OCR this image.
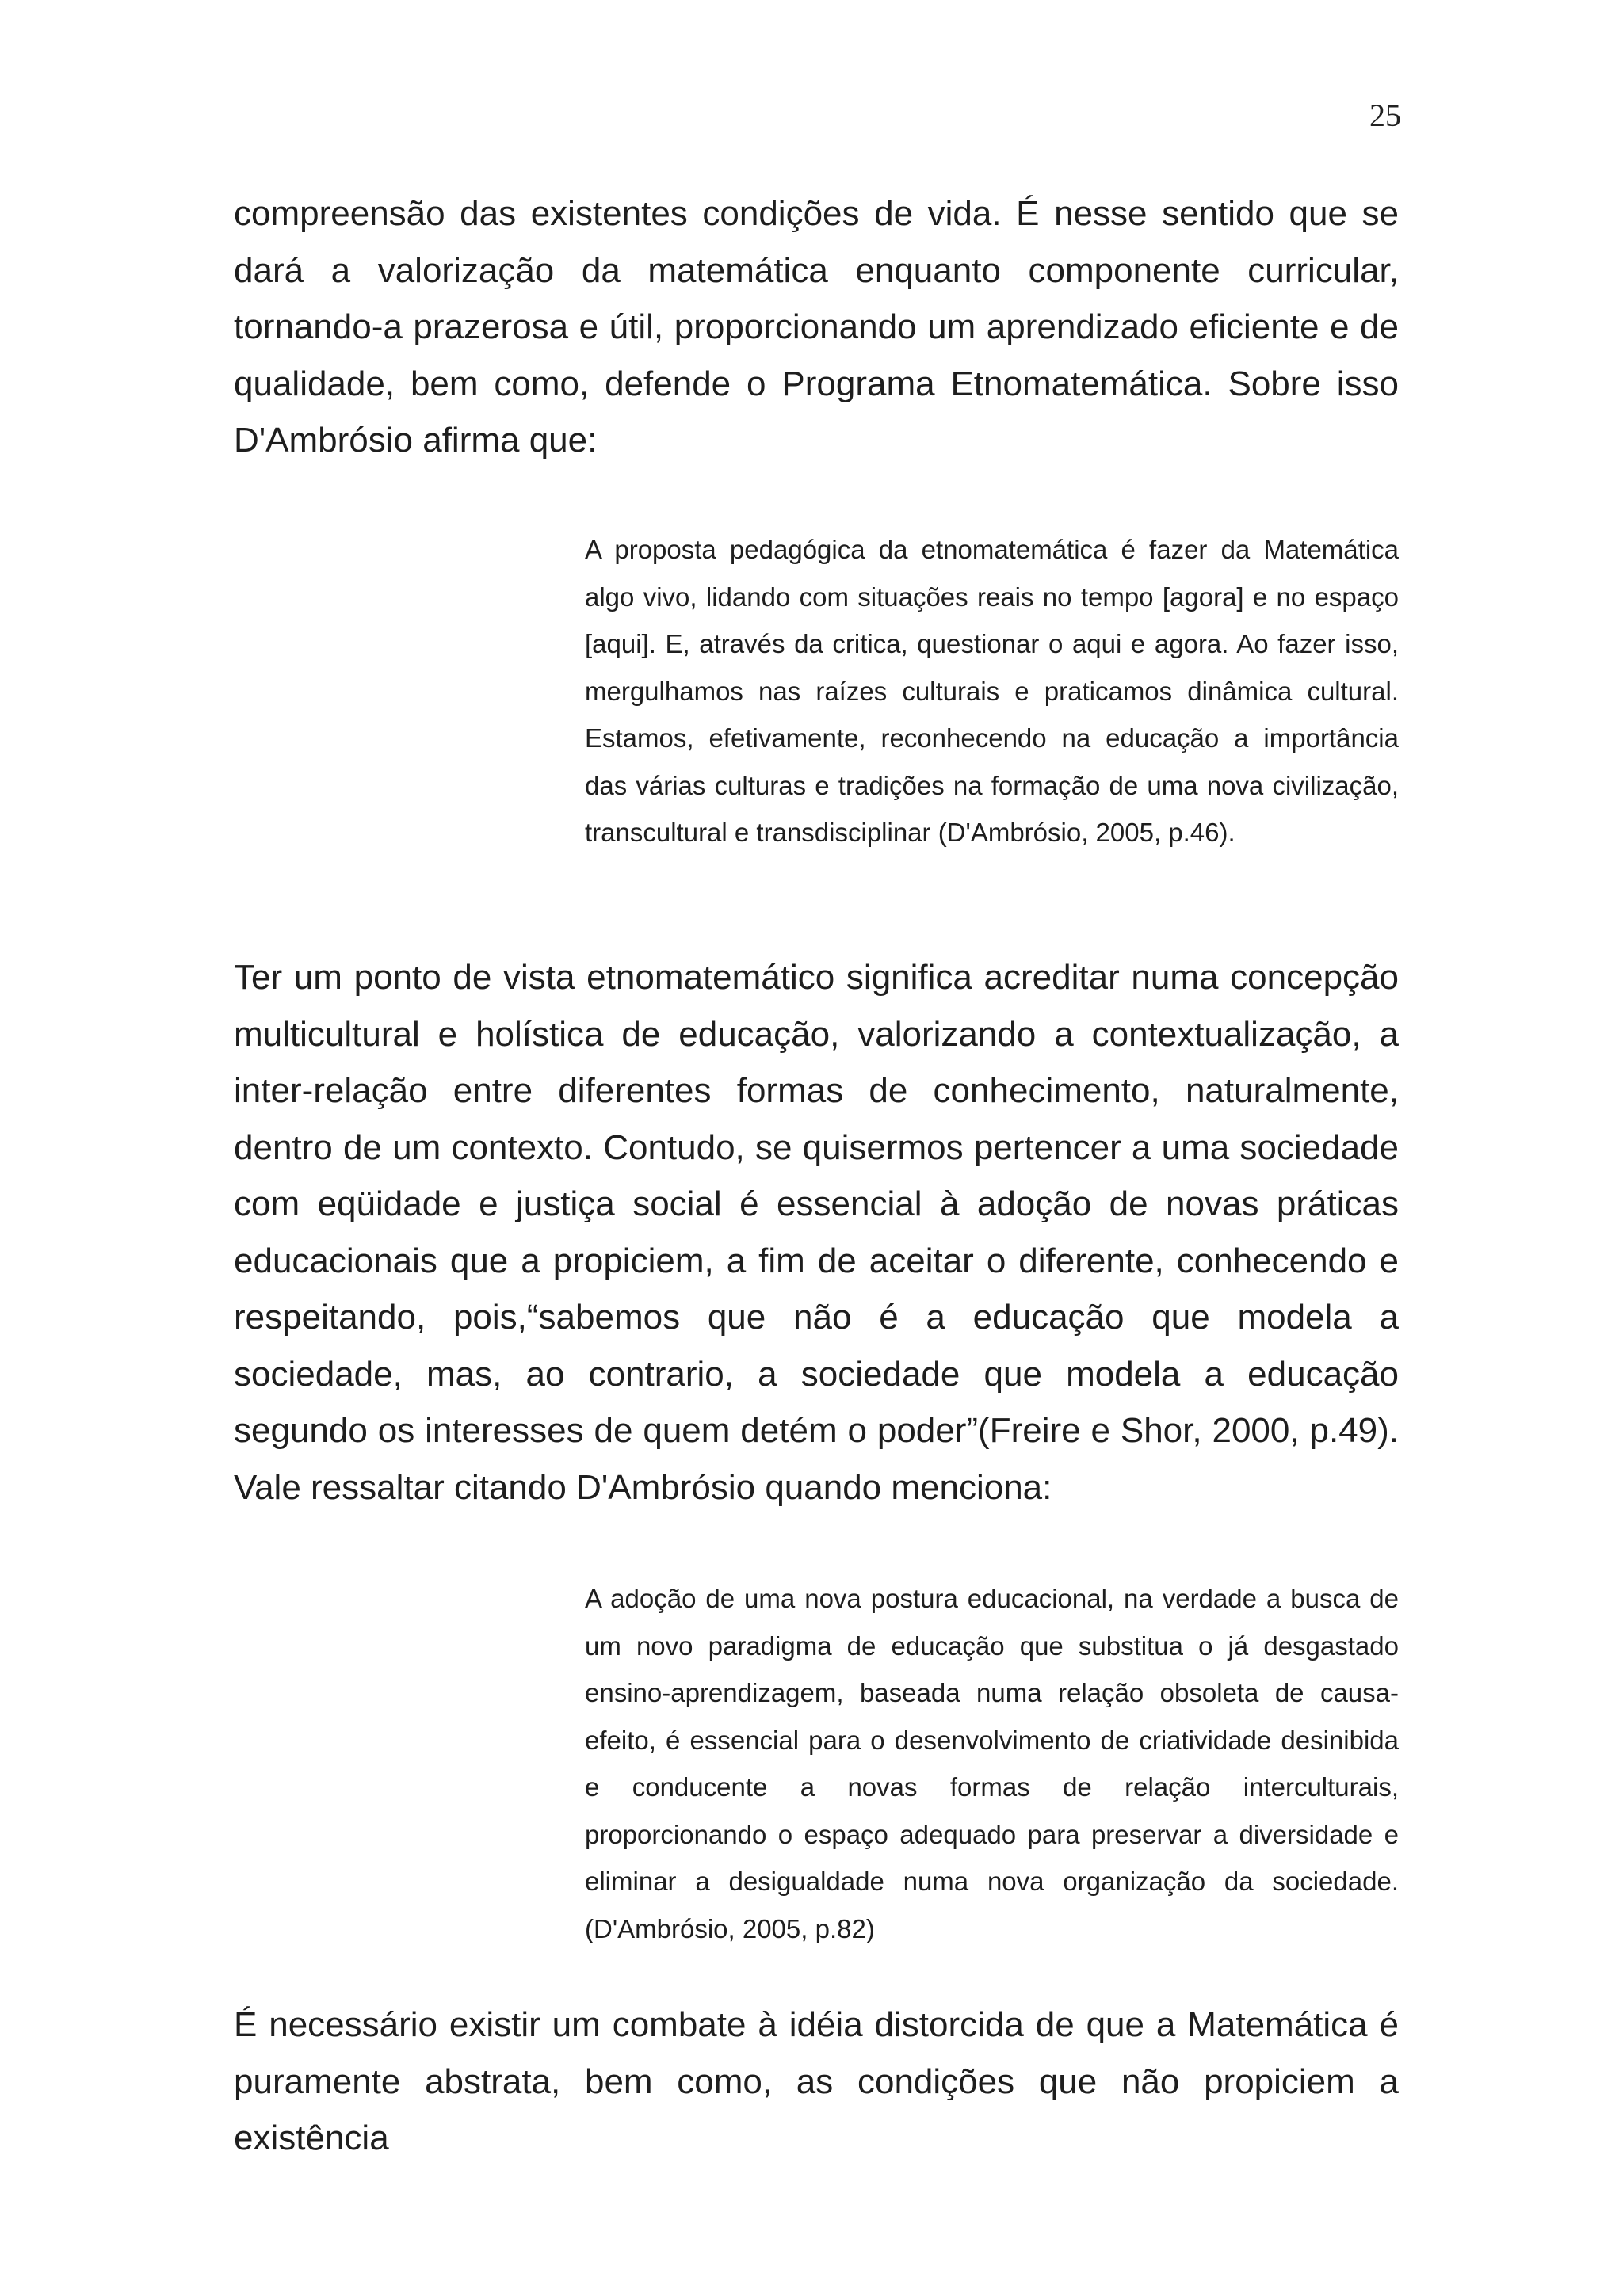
25

compreensão das existentes condições de vida. É nesse sentido que se dará a valorização da matemática enquanto componente curricular, tornando-a prazerosa e útil, proporcionando um aprendizado eficiente e de qualidade, bem como, defende o Programa Etnomatemática. Sobre isso D'Ambrósio afirma que:

A proposta pedagógica da etnomatemática é fazer da Matemática algo vivo, lidando com situações reais no tempo [agora] e no espaço [aqui]. E, através da critica, questionar o aqui e agora. Ao fazer isso, mergulhamos nas raízes culturais e praticamos dinâmica cultural. Estamos, efetivamente, reconhecendo na educação a importância das várias culturas e tradições na formação de uma nova civilização, transcultural e transdisciplinar (D'Ambrósio, 2005, p.46).

Ter um ponto de vista etnomatemático significa acreditar numa concepção multicultural e holística de educação, valorizando a contextualização, a inter-relação entre diferentes formas de conhecimento, naturalmente, dentro de um contexto. Contudo, se quisermos pertencer a uma sociedade com eqüidade e justiça social é essencial à adoção de novas práticas educacionais que a propiciem, a fim de aceitar o diferente, conhecendo e respeitando, pois,“sabemos que não é a educação que modela a sociedade, mas, ao contrario, a sociedade que modela a educação segundo os interesses de quem detém o poder”(Freire e Shor, 2000, p.49). Vale ressaltar citando D'Ambrósio quando menciona:

A adoção de uma nova postura educacional, na verdade a busca de um novo paradigma de educação que substitua o já desgastado ensino-aprendizagem, baseada numa relação obsoleta de causa-efeito, é essencial para o desenvolvimento de criatividade desinibida e conducente a novas formas de relação interculturais, proporcionando o espaço adequado para preservar a diversidade e eliminar a desigualdade numa nova organização da sociedade. (D'Ambrósio, 2005, p.82)

É necessário existir um combate à idéia distorcida de que a Matemática é puramente abstrata, bem como, as condições que não propiciem a existência
